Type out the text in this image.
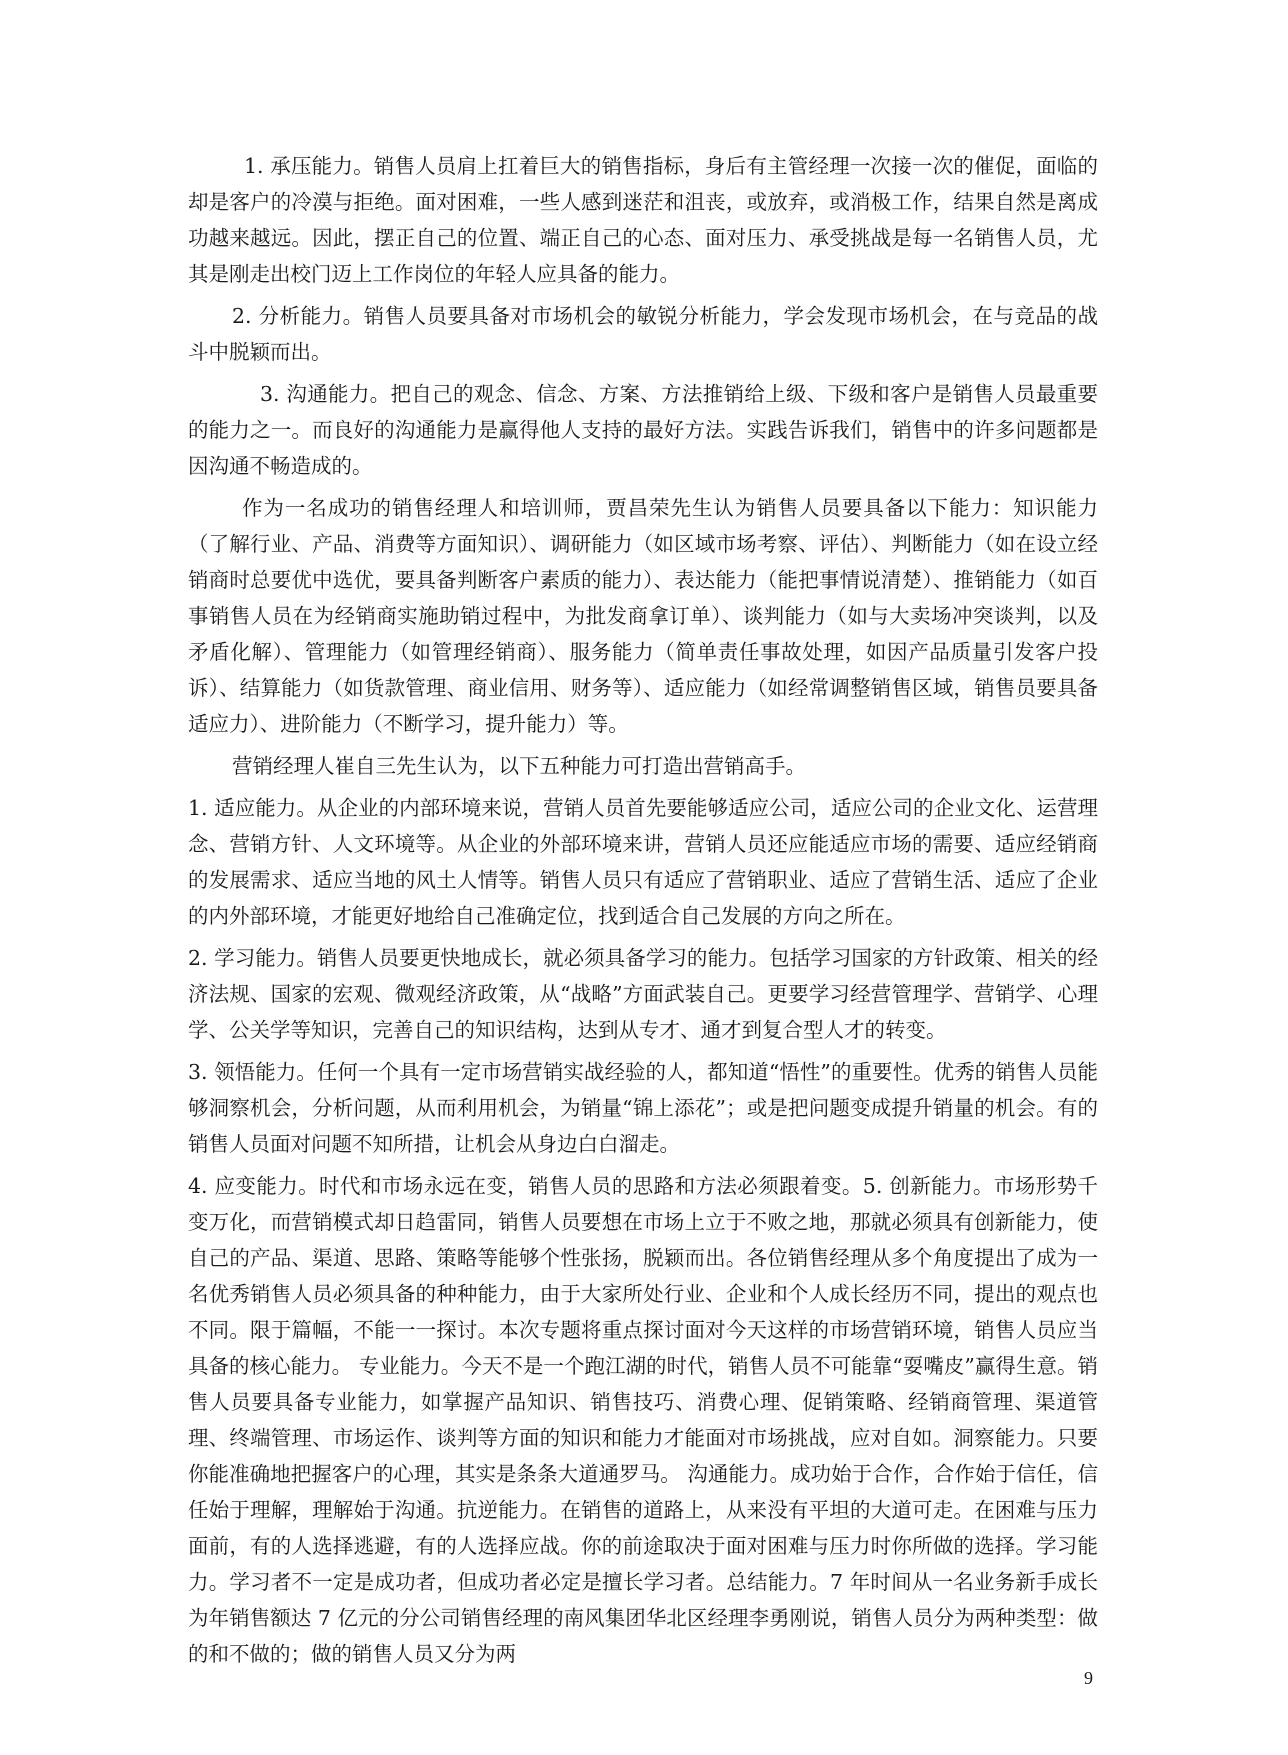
1. 承压能力。销售人员肩上扛着巨大的销售指标，身后有主管经理一次接一次的催促，面临的却是客户的冷漠与拒绝。面对困难，一些人感到迷茫和沮丧，或放弃，或消极工作，结果自然是离成功越来越远。因此，摆正自己的位置、端正自己的心态、面对压力、承受挑战是每一名销售人员，尤其是刚走出校门迈上工作岗位的年轻人应具备的能力。

2. 分析能力。销售人员要具备对市场机会的敏锐分析能力，学会发现市场机会，在与竞品的战斗中脱颖而出。

3. 沟通能力。把自己的观念、信念、方案、方法推销给上级、下级和客户是销售人员最重要的能力之一。而良好的沟通能力是赢得他人支持的最好方法。实践告诉我们，销售中的许多问题都是因沟通不畅造成的。

作为一名成功的销售经理人和培训师，贾昌荣先生认为销售人员要具备以下能力：知识能力（了解行业、产品、消费等方面知识）、调研能力（如区域市场考察、评估）、判断能力（如在设立经销商时总要优中选优，要具备判断客户素质的能力）、表达能力（能把事情说清楚）、推销能力（如百事销售人员在为经销商实施助销过程中，为批发商拿订单）、谈判能力（如与大卖场冲突谈判，以及矛盾化解）、管理能力（如管理经销商）、服务能力（简单责任事故处理，如因产品质量引发客户投诉）、结算能力（如货款管理、商业信用、财务等）、适应能力（如经常调整销售区域，销售员要具备适应力）、进阶能力（不断学习，提升能力）等。

营销经理人崔自三先生认为，以下五种能力可打造出营销高手。

1. 适应能力。从企业的内部环境来说，营销人员首先要能够适应公司，适应公司的企业文化、运营理念、营销方针、人文环境等。从企业的外部环境来讲，营销人员还应能适应市场的需要、适应经销商的发展需求、适应当地的风土人情等。销售人员只有适应了营销职业、适应了营销生活、适应了企业的内外部环境，才能更好地给自己准确定位，找到适合自己发展的方向之所在。

2. 学习能力。销售人员要更快地成长，就必须具备学习的能力。包括学习国家的方针政策、相关的经济法规、国家的宏观、微观经济政策，从“战略”方面武装自己。更要学习经营管理学、营销学、心理学、公关学等知识，完善自己的知识结构，达到从专才、通才到复合型人才的转变。

3. 领悟能力。任何一个具有一定市场营销实战经验的人，都知道“悟性”的重要性。优秀的销售人员能够洞察机会，分析问题，从而利用机会，为销量“锦上添花”；或是把问题变成提升销量的机会。有的销售人员面对问题不知所措，让机会从身边白白溜走。

4. 应变能力。时代和市场永远在变，销售人员的思路和方法必须跟着变。5. 创新能力。市场形势千变万化，而营销模式却日趋雷同，销售人员要想在市场上立于不败之地，那就必须具有创新能力，使自己的产品、渠道、思路、策略等能够个性张扬，脱颖而出。各位销售经理从多个角度提出了成为一名优秀销售人员必须具备的种种能力，由于大家所处行业、企业和个人成长经历不同，提出的观点也不同。限于篇幅，不能一一探讨。本次专题将重点探讨面对今天这样的市场营销环境，销售人员应当具备的核心能力。 专业能力。今天不是一个跑江湖的时代，销售人员不可能靠“耍嘴皮”赢得生意。销售人员要具备专业能力，如掌握产品知识、销售技巧、消费心理、促销策略、经销商管理、渠道管理、终端管理、市场运作、谈判等方面的知识和能力才能面对市场挑战，应对自如。洞察能力。只要你能准确地把握客户的心理，其实是条条大道通罗马。 沟通能力。成功始于合作，合作始于信任，信任始于理解，理解始于沟通。抗逆能力。在销售的道路上，从来没有平坦的大道可走。在困难与压力面前，有的人选择逃避，有的人选择应战。你的前途取决于面对困难与压力时你所做的选择。学习能力。学习者不一定是成功者，但成功者必定是擅长学习者。总结能力。7 年时间从一名业务新手成长为年销售额达 7 亿元的分公司销售经理的南风集团华北区经理李勇刚说，销售人员分为两种类型：做的和不做的；做的销售人员又分为两

9
